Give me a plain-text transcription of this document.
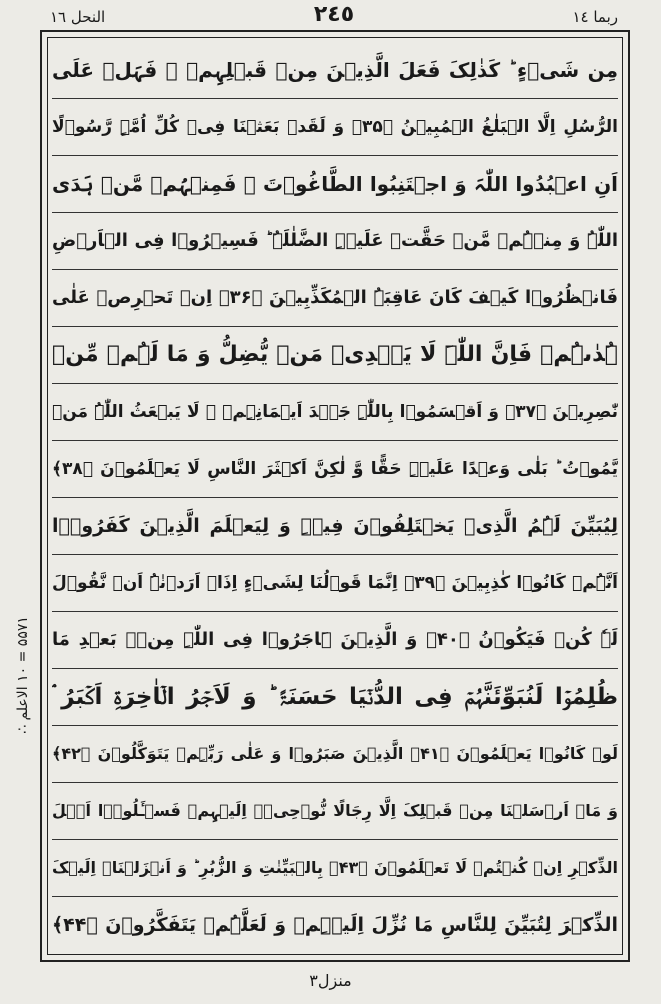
النحل ١٦	٢٤٥	ربما ١٤
۵۵۷۱ = ١٠ الاعلم ∴
مِن شَیۡءٍ ؕ کَذٰلِکَ فَعَلَ الَّذِیۡنَ مِنۡ قَبۡلِہِمۡ ۚ فَہَلۡ عَلَی
الرُّسُلِ اِلَّا الۡبَلٰغُ الۡمُبِیۡنُ ﴿۳۵﴾ وَ لَقَدۡ بَعَثۡنَا فِیۡ کُلِّ اُمَّۃٍ رَّسُوۡلًا
اَنِ اعۡبُدُوا اللّٰہَ وَ اجۡتَنِبُوا الطَّاغُوۡتَ ۚ فَمِنۡہُمۡ مَّنۡ ہَدَی
اللّٰہُ وَ مِنۡہُمۡ مَّنۡ حَقَّتۡ عَلَیۡہِ الضَّلٰلَۃُ ؕ فَسِیۡرُوۡا فِی الۡاَرۡضِ
فَانۡظُرُوۡا کَیۡفَ کَانَ عَاقِبَۃُ الۡمُکَذِّبِیۡنَ ﴿۳۶﴾ اِنۡ تَحۡرِصۡ عَلٰی
ہُدٰىہُمۡ فَاِنَّ اللّٰہَ لَا یَہۡدِیۡ مَنۡ یُّضِلُّ وَ مَا لَہُمۡ مِّنۡ
نّٰصِرِیۡنَ ﴿۳۷﴾ وَ اَقۡسَمُوۡا بِاللّٰہِ جَہۡدَ اَیۡمَانِہِمۡ ۙ لَا یَبۡعَثُ اللّٰہُ مَنۡ
یَّمُوۡتُ ؕ بَلٰی وَعۡدًا عَلَیۡہِ حَقًّا وَّ لٰکِنَّ اَکۡثَرَ النَّاسِ لَا یَعۡلَمُوۡنَ ﴿۳۸﴾
لِیُبَیِّنَ لَہُمُ الَّذِیۡ یَخۡتَلِفُوۡنَ فِیۡہِ وَ لِیَعۡلَمَ الَّذِیۡنَ کَفَرُوۡۤا
اَنَّہُمۡ کَانُوۡا کٰذِبِیۡنَ ﴿۳۹﴾ اِنَّمَا قَوۡلُنَا لِشَیۡءٍ اِذَاۤ اَرَدۡنٰہُ اَنۡ نَّقُوۡلَ
لَہٗ کُنۡ فَیَکُوۡنُ ﴿۴۰﴾ وَ الَّذِیۡنَ ہَاجَرُوۡا فِی اللّٰہِ مِنۡۢ بَعۡدِ مَا
ظُلِمُوۡا لَنُبَوِّئَنَّہُمۡ فِی الدُّنۡیَا حَسَنَۃً ؕ وَ لَاَجۡرُ الۡاٰخِرَۃِ اَکۡبَرُ ۘ
لَوۡ کَانُوۡا یَعۡلَمُوۡنَ ﴿۴۱﴾ الَّذِیۡنَ صَبَرُوۡا وَ عَلٰی رَبِّہِمۡ یَتَوَکَّلُوۡنَ ﴿۴۲﴾
وَ مَاۤ اَرۡسَلۡنَا مِنۡ قَبۡلِکَ اِلَّا رِجَالًا نُّوۡحِیۡۤ اِلَیۡہِمۡ فَسۡـَٔلُوۡۤا اَہۡلَ
الذِّکۡرِ اِنۡ کُنۡتُمۡ لَا تَعۡلَمُوۡنَ ﴿۴۳﴾ بِالۡبَیِّنٰتِ وَ الزُّبُرِ ؕ وَ اَنۡزَلۡنَاۤ اِلَیۡکَ
الذِّکۡرَ لِتُبَیِّنَ لِلنَّاسِ مَا نُزِّلَ اِلَیۡہِمۡ وَ لَعَلَّہُمۡ یَتَفَکَّرُوۡنَ ﴿۴۴﴾
منزل٣
